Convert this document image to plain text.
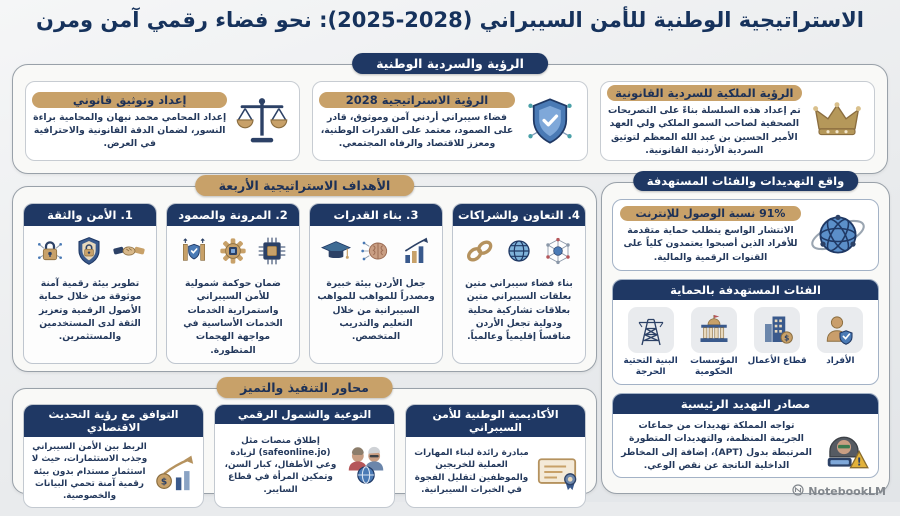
الاستراتيجية الوطنية للأمن السيبراني (2028-2025): نحو فضاء رقمي آمن ومرن
الرؤية والسردية الوطنية
الرؤية الملكية للسردية القانونية
تم إعداد هذه السلسلة بناءً على التصريحات الصحفية لصاحب السمو الملكي ولي العهد الأمير الحسين بن عبد الله المعظم لتوثيق السردية الأردنية القانونية.
الرؤية الاستراتيجية 2028
فضاء سيبراني أردني آمن وموثوق، قادر على الصمود، معتمد على القدرات الوطنية، ومعزز للاقتصاد والرفاه المجتمعي.
إعداد وتوثيق قانوني
إعداد المحامي محمد نبهان والمحامية براءة النسور، لضمان الدقة القانونية والاحترافية في العرض.
الأهداف الاستراتيجية الأربعة
1. الأمن والثقة
تطوير بيئة رقمية آمنة موثوقة من خلال حماية الأصول الرقمية وتعزيز الثقة لدى المستخدمين والمستثمرين.
2. المرونة والصمود
ضمان حوكمة شمولية للأمن السيبراني واستمرارية الخدمات الخدمات الأساسية في مواجهة الهجمات المتطورة.
3. بناء القدرات
جعل الأردن بيئة خبيرة ومصدراً للمواهب للمواهب السيبرانية من خلال التعليم والتدريب المتخصص.
4. التعاون والشراكات
بناء فضاء سيبراني متين بعلقات السيبراني متين بعلاقات تشاركية محلية ودولية تجعل الأردن منافساً إقليمياً وعالمياً.
واقع التهديدات والفئات المستهدفة
91% نسبة الوصول للإنترنت
الانتشار الواسع يتطلب حماية متقدمة للأفراد الذين أصبحوا يعتمدون كلياً على القنوات الرقمية والمالية.
الفئات المستهدفة بالحماية
الأفراد
$
قطاع الأعمال
المؤسسات الحكومية
البنية التحتية الحرجة
مصادر التهديد الرئيسية
!
تواجه المملكة تهديدات من جماعات الجريمة المنظمة، والتهديدات المتطورة المرتبطة بدول (APT)، إضافة إلى المخاطر الداخلية الناتجة عن نقص الوعي.
محاور التنفيذ والتميز
التوافق مع رؤية التحديث الاقتصادي
$
الربط بين الأمن السيبراني وجذب الاستثمارات، حيث لا استثمار مستدام بدون بيئة رقمية آمنة تحمي البيانات والخصوصية.
التوعية والشمول الرقمي
إطلاق منصات مثل (safeonline.jo) لزيادة وعي الأطفال، كبار السن، وتمكين المرأة في قطاع السايبر.
الأكاديمية الوطنية للأمن السيبراني
مبادرة رائدة لبناء المهارات العملية للخريجين والموظفين لتقليل الفجوة في الخبرات السيبرانية.	NotebookLM
